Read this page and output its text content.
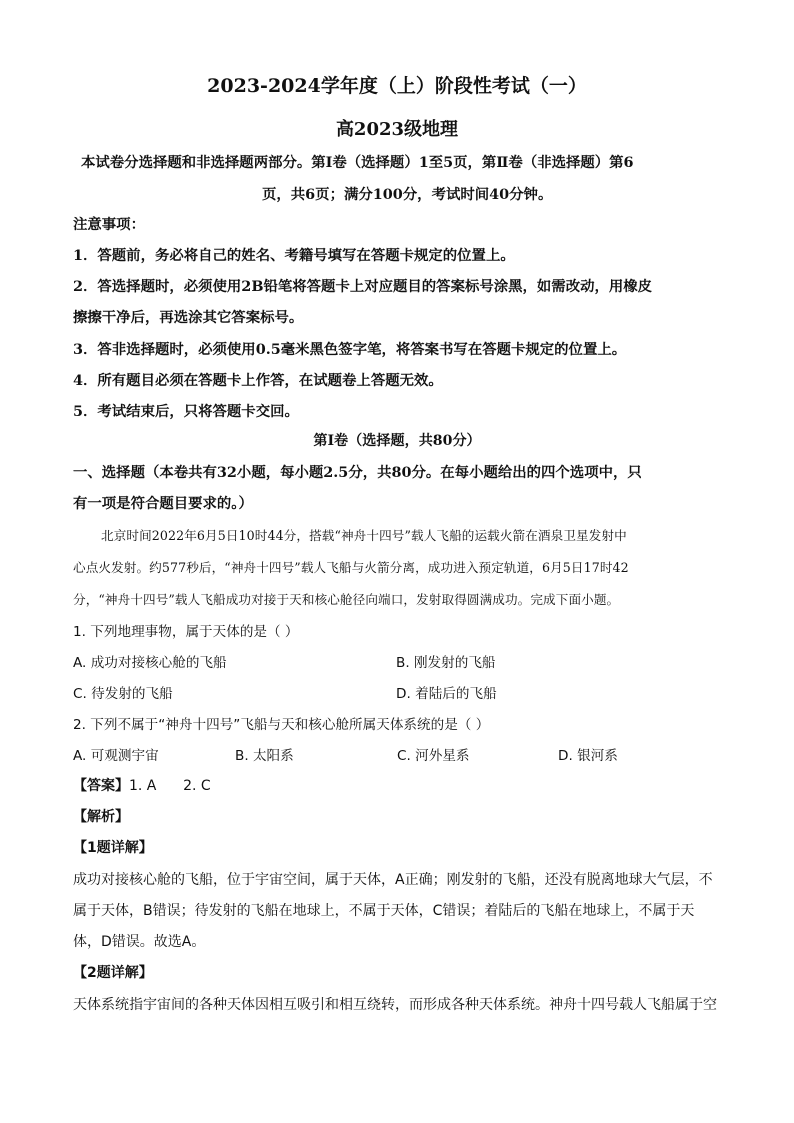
2023-2024学年度（上）阶段性考试（一）
高2023级地理
本试卷分选择题和非选择题两部分。第Ⅰ卷（选择题）1至5页，第Ⅱ卷（非选择题）第6
页，共6页；满分100分，考试时间40分钟。
注意事项：
1．答题前，务必将自己的姓名、考籍号填写在答题卡规定的位置上。
2．答选择题时，必须使用2B铅笔将答题卡上对应题目的答案标号涂黑，如需改动，用橡皮
擦擦干净后，再选涂其它答案标号。
3．答非选择题时，必须使用0.5毫米黑色签字笔，将答案书写在答题卡规定的位置上。
4．所有题目必须在答题卡上作答，在试题卷上答题无效。
5．考试结束后，只将答题卡交回。
第Ⅰ卷（选择题，共80分）
一、选择题（本卷共有32小题，每小题2.5分，共80分。在每小题给出的四个选项中，只
有一项是符合题目要求的。）
北京时间2022年6月5日10时44分，搭载“神舟十四号”载人飞船的运载火箭在酒泉卫星发射中
心点火发射。约577秒后，“神舟十四号”载人飞船与火箭分离，成功进入预定轨道，6月5日17时42
分，“神舟十四号”载人飞船成功对接于天和核心舱径向端口，发射取得圆满成功。完成下面小题。
1. 下列地理事物，属于天体的是（ ）
A. 成功对接核心舱的飞船	B. 刚发射的飞船
C. 待发射的飞船	D. 着陆后的飞船
2. 下列不属于“神舟十四号”飞船与天和核心舱所属天体系统的是（ ）
A. 可观测宇宙	B. 太阳系	C. 河外星系	D. 银河系
【答案】1. A      2. C
【解析】
【1题详解】
成功对接核心舱的飞船，位于宇宙空间，属于天体，A正确；刚发射的飞船，还没有脱离地球大气层，不
属于天体，B错误；待发射的飞船在地球上，不属于天体，C错误；着陆后的飞船在地球上，不属于天
体，D错误。故选A。
【2题详解】
天体系统指宇宙间的各种天体因相互吸引和相互绕转，而形成各种天体系统。神舟十四号载人飞船属于空
